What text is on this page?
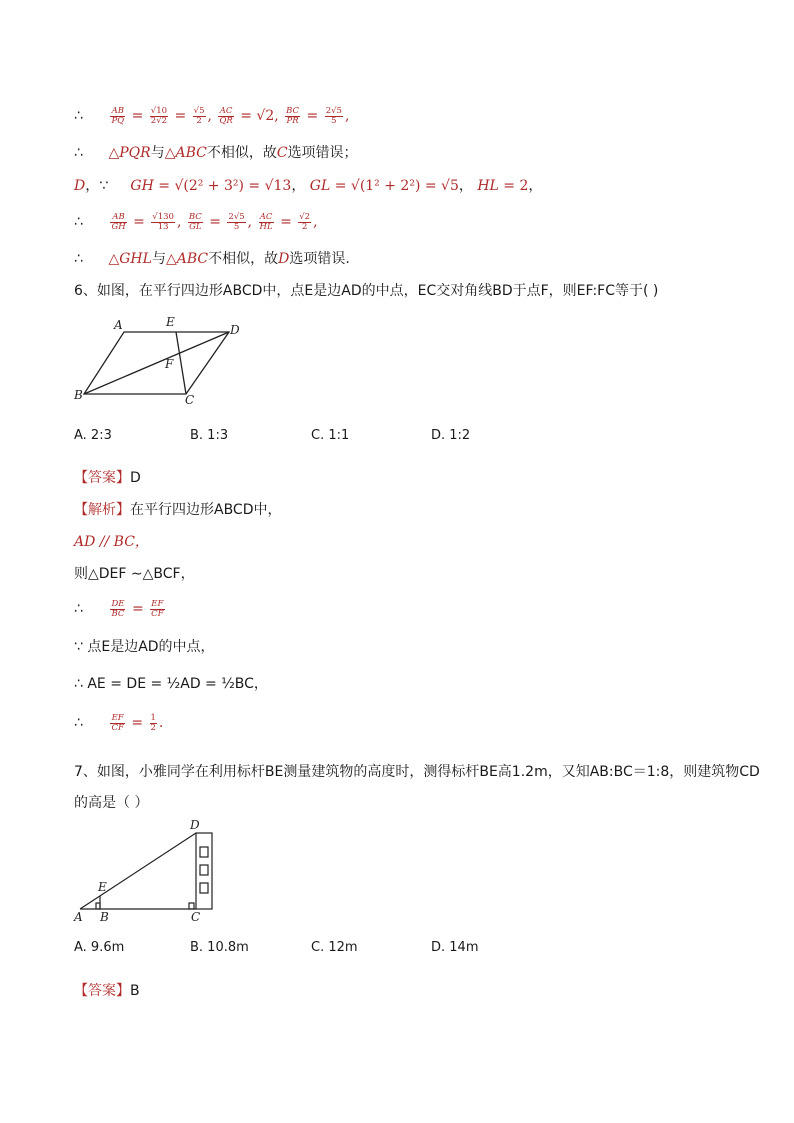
∴	$\frac{AB}{PQ} = \frac{√10}{2√2} = \frac{√5}{2}$ , $\frac{AC}{QR} = √2$, $\frac{BC}{PR} = \frac{2√5}{5}$ ,
∴ △PQR与△ABC不相似，故C选项错误；
D，∵     GH = √(2² + 3²) = √13， GL = √(1² + 2²) = √5， HL = 2，
∴	$\frac{AB}{GH} = \frac{√130}{13}$ , $\frac{BC}{GL} = \frac{2√5}{5}$ , $\frac{AC}{HL} = \frac{√2}{2}$ ,
∴ △GHL与△ABC不相似，故D选项错误.
6、如图，在平行四边形ABCD中，点E是边AD的中点，EC交对角线BD于点F，则EF:FC等于( )
A	E
D
F
B	C
A. 2:3	B. 1:3	C. 1:1	D. 1:2
【答案】D
【解析】在平行四边形ABCD中，
AD // BC，
则△DEF ∼△BCF，
∴	$\frac{DE}{BC} = \frac{EF}{CF}$
∵ 点E是边AD的中点，
∴ AE = DE = ½AD = ½BC，
∴	$\frac{EF}{CF} = \frac{1}{2}$ .
7、如图，小雅同学在利用标杆BE测量建筑物的高度时，测得标杆BE高1.2m，又知AB:BC＝1:8，则建筑物CD
的高是（ ）
A
E
B	C
D
A. 9.6m	B. 10.8m	C. 12m	D. 14m
【答案】B
